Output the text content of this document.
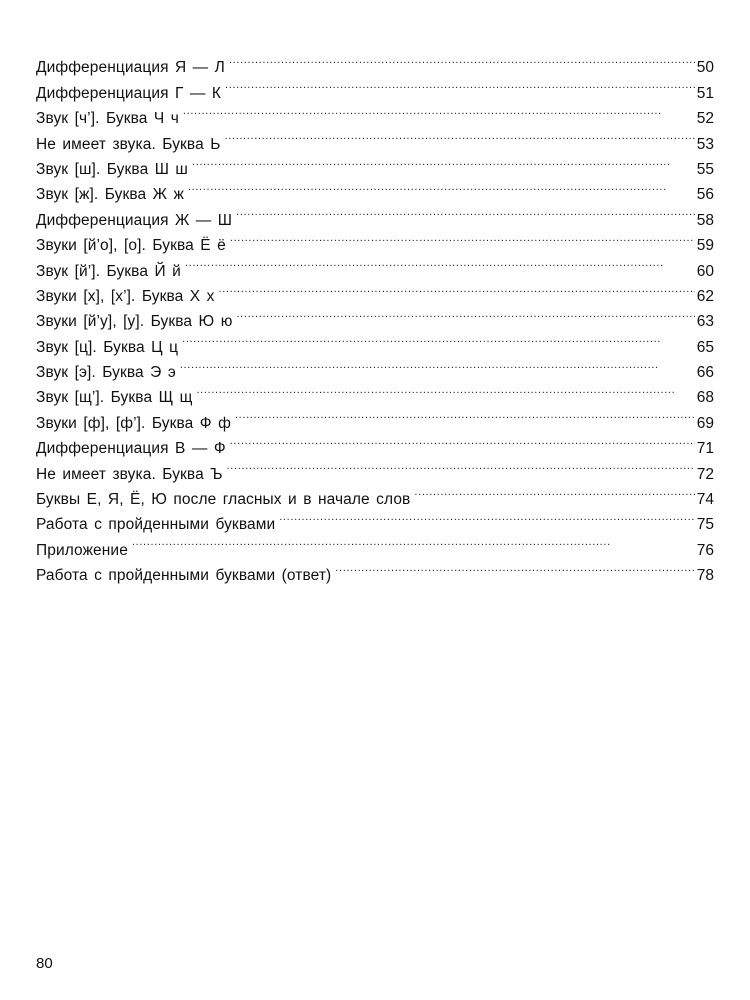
Дифференциация Я — Л . . .	50
Дифференциация Г — К . . .	51
Звук [ч’]. Буква Ч ч . . .	52
Не имеет звука. Буква Ь . . .	53
Звук [ш]. Буква Ш ш . . .	55
Звук [ж]. Буква Ж ж . . .	56
Дифференциация Ж — Ш . . .	58
Звуки [й’о], [о]. Буква Ё ё . . .	59
Звук [й’]. Буква Й й . . .	60
Звуки [х], [х’]. Буква Х х . . .	62
Звуки [й’у], [у]. Буква Ю ю . . .	63
Звук [ц]. Буква Ц ц . . .	65
Звук [э]. Буква Э э . . .	66
Звук [щ’]. Буква Щ щ . . .	68
Звуки [ф], [ф’]. Буква Ф ф . . .	69
Дифференциация В — Ф . . .	71
Не имеет звука. Буква Ъ . . .	72
Буквы Е, Я, Ё, Ю после гласных и в начале слов . . .	74
Работа с пройденными буквами . . .	75
Приложение . . .	76
Работа с пройденными буквами (ответ) . . .	78
80
